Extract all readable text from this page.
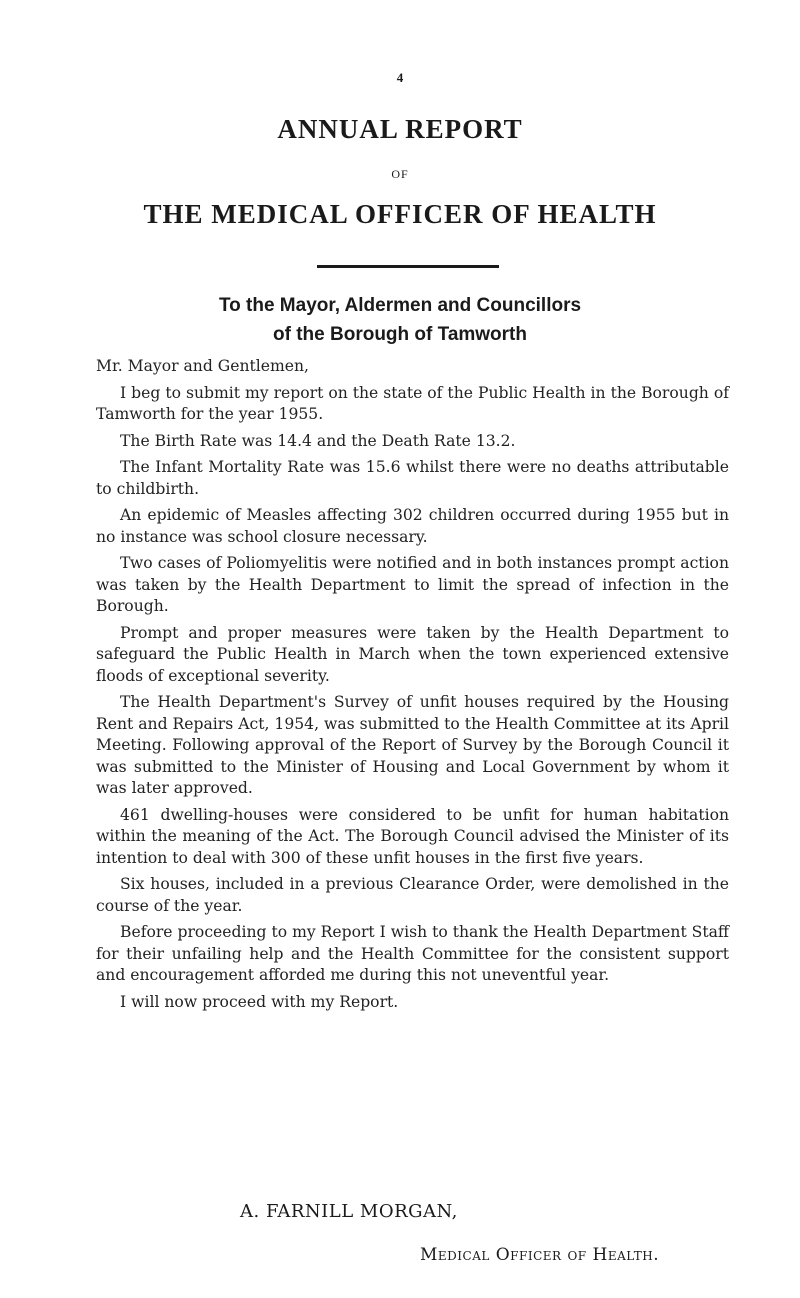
4
ANNUAL REPORT
OF
THE MEDICAL OFFICER OF HEALTH
To the Mayor, Aldermen and Councillors
of the Borough of Tamworth

Mr. Mayor and Gentlemen,

I beg to submit my report on the state of the Public Health in the Borough of Tamworth for the year 1955.

The Birth Rate was 14.4 and the Death Rate 13.2.

The Infant Mortality Rate was 15.6 whilst there were no deaths attributable to childbirth.

An epidemic of Measles affecting 302 children occurred during 1955 but in no instance was school closure necessary.

Two cases of Poliomyelitis were notified and in both instances prompt action was taken by the Health Department to limit the spread of infection in the Borough.

Prompt and proper measures were taken by the Health Department to safeguard the Public Health in March when the town experienced extensive floods of exceptional severity.

The Health Department's Survey of unfit houses required by the Housing Rent and Repairs Act, 1954, was submitted to the Health Committee at its April Meeting. Following approval of the Report of Survey by the Borough Council it was submitted to the Minister of Housing and Local Government by whom it was later approved.

461 dwelling-houses were considered to be unfit for human habitation within the meaning of the Act. The Borough Council advised the Minister of its intention to deal with 300 of these unfit houses in the first five years.

Six houses, included in a previous Clearance Order, were demolished in the course of the year.

Before proceeding to my Report I wish to thank the Health Department Staff for their unfailing help and the Health Committee for the consistent support and encouragement afforded me during this not uneventful year.

I will now proceed with my Report.

A. FARNILL MORGAN,
Medical Officer of Health.
